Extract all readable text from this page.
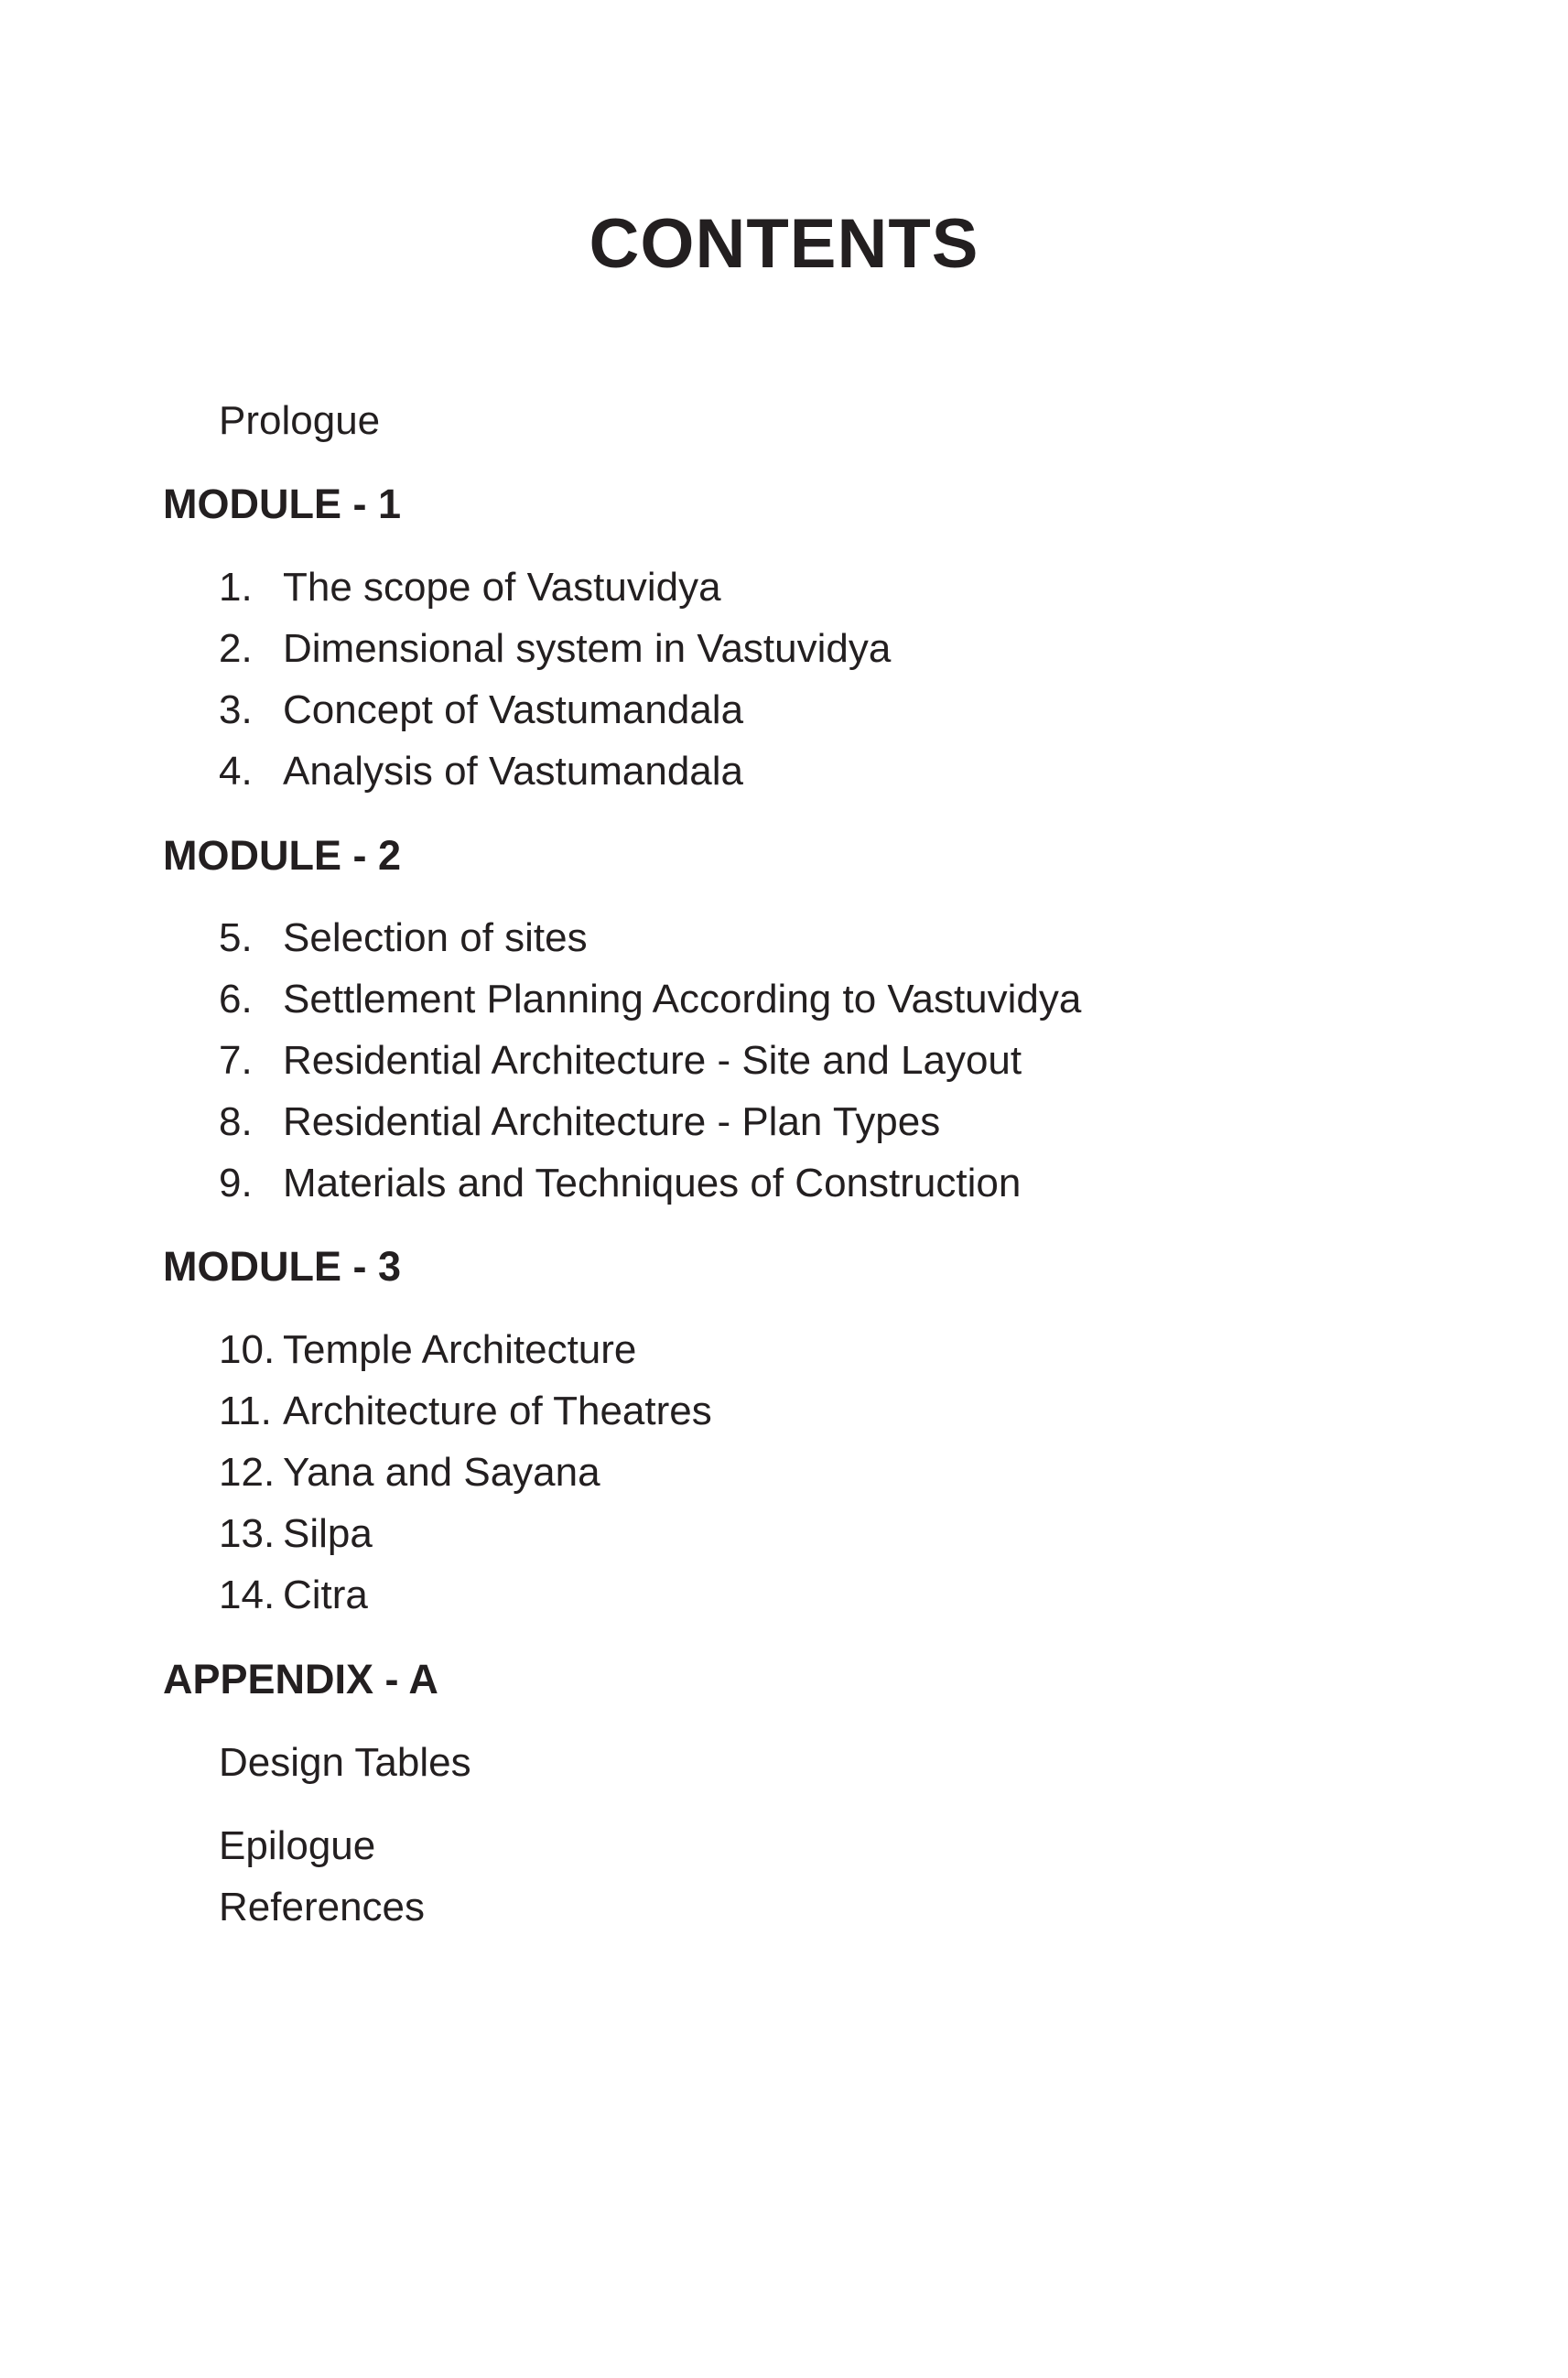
CONTENTS
Prologue
MODULE - 1
1. The scope of Vastuvidya
2. Dimensional system in Vastuvidya
3. Concept of Vastumandala
4. Analysis of Vastumandala
MODULE - 2
5. Selection of sites
6. Settlement Planning According to Vastuvidya
7. Residential Architecture - Site and Layout
8. Residential Architecture - Plan Types
9. Materials and Techniques of Construction
MODULE - 3
10. Temple Architecture
11. Architecture of Theatres
12. Yana and Sayana
13. Silpa
14. Citra
APPENDIX - A
Design Tables
Epilogue
References
